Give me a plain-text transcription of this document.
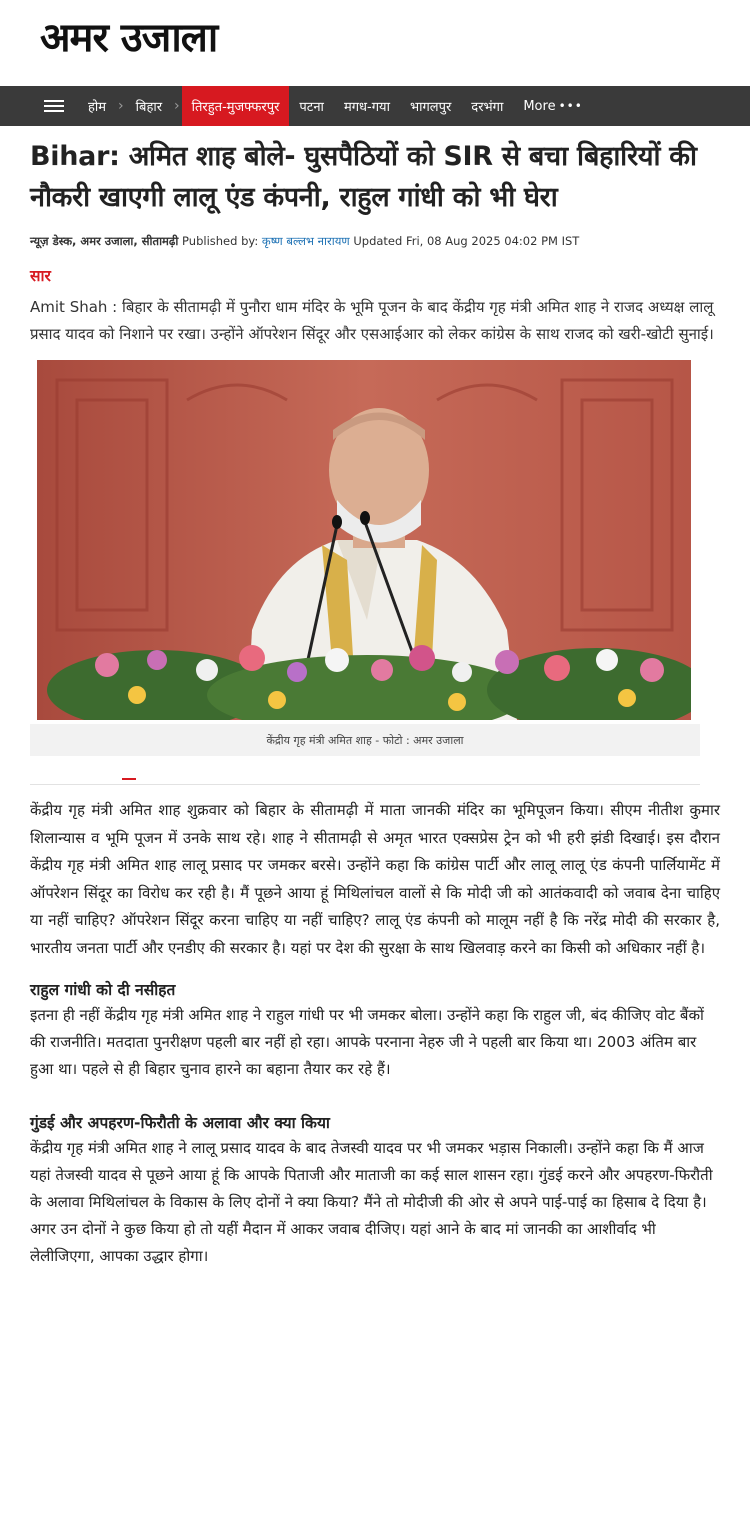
अमर उजाला
होम › बिहार › तिरहुत-मुजफ्फरपुर	पटना	मगध-गया	भागलपुर	दरभंगा	More •••
Bihar: अमित शाह बोले- घुसपैठियों को SIR से बचा बिहारियों की नौकरी खाएगी लालू एंड कंपनी, राहुल गांधी को भी घेरा
न्यूज़ डेस्क, अमर उजाला, सीतामढ़ी Published by: कृष्ण बल्लभ नारायण Updated Fri, 08 Aug 2025 04:02 PM IST
सार

Amit Shah : बिहार के सीतामढ़ी में पुनौरा धाम मंदिर के भूमि पूजन के बाद केंद्रीय गृह मंत्री अमित शाह ने राजद अध्यक्ष लालू प्रसाद यादव को निशाने पर रखा। उन्होंने ऑपरेशन सिंदूर और एसआईआर को लेकर कांग्रेस के साथ राजद को खरी-खोटी सुनाई।

केंद्रीय गृह मंत्री अमित शाह - फोटो : अमर उजाला

केंद्रीय गृह मंत्री अमित शाह शुक्रवार को बिहार के सीतामढ़ी में माता जानकी मंदिर का भूमिपूजन किया। सीएम नीतीश कुमार शिलान्यास व भूमि पूजन में उनके साथ रहे। शाह ने सीतामढ़ी से अमृत भारत एक्सप्रेस ट्रेन को भी हरी झंडी दिखाई। इस दौरान केंद्रीय गृह मंत्री अमित शाह लालू प्रसाद पर जमकर बरसे। उन्होंने कहा कि कांग्रेस पार्टी और लालू लालू एंड कंपनी पार्लियामेंट में ऑपरेशन सिंदूर का विरोध कर रही है। मैं पूछने आया हूं मिथिलांचल वालों से कि मोदी जी को आतंकवादी को जवाब देना चाहिए या नहीं चाहिए? ऑपरेशन सिंदूर करना चाहिए या नहीं चाहिए? लालू एंड कंपनी को मालूम नहीं है कि नरेंद्र मोदी की सरकार है, भारतीय जनता पार्टी और एनडीए की सरकार है। यहां पर देश की सुरक्षा के साथ खिलवाड़ करने का किसी को अधिकार नहीं है।

राहुल गांधी को दी नसीहत

इतना ही नहीं केंद्रीय गृह मंत्री अमित शाह ने राहुल गांधी पर भी जमकर बोला। उन्होंने कहा कि राहुल जी, बंद कीजिए वोट बैंकों की राजनीति। मतदाता पुनरीक्षण पहली बार नहीं हो रहा। आपके परनाना नेहरु जी ने पहली बार किया था। 2003 अंतिम बार हुआ था। पहले से ही बिहार चुनाव हारने का बहाना तैयार कर रहे हैं।

गुंडई और अपहरण-फिरौती के अलावा और क्या किया

केंद्रीय गृह मंत्री अमित शाह ने लालू प्रसाद यादव के बाद तेजस्वी यादव पर भी जमकर भड़ास निकाली। उन्होंने कहा कि मैं आज यहां तेजस्वी यादव से पूछने आया हूं कि आपके पिताजी और माताजी का कई साल शासन रहा। गुंडई करने और अपहरण-फिरौती के अलावा मिथिलांचल के विकास के लिए दोनों ने क्या किया? मैंने तो मोदीजी की ओर से अपने पाई-पाई का हिसाब दे दिया है। अगर उन दोनों ने कुछ किया हो तो यहीं मैदान में आकर जवाब दीजिए। यहां आने के बाद मां जानकी का आशीर्वाद भी लेलीजिएगा, आपका उद्धार होगा।
